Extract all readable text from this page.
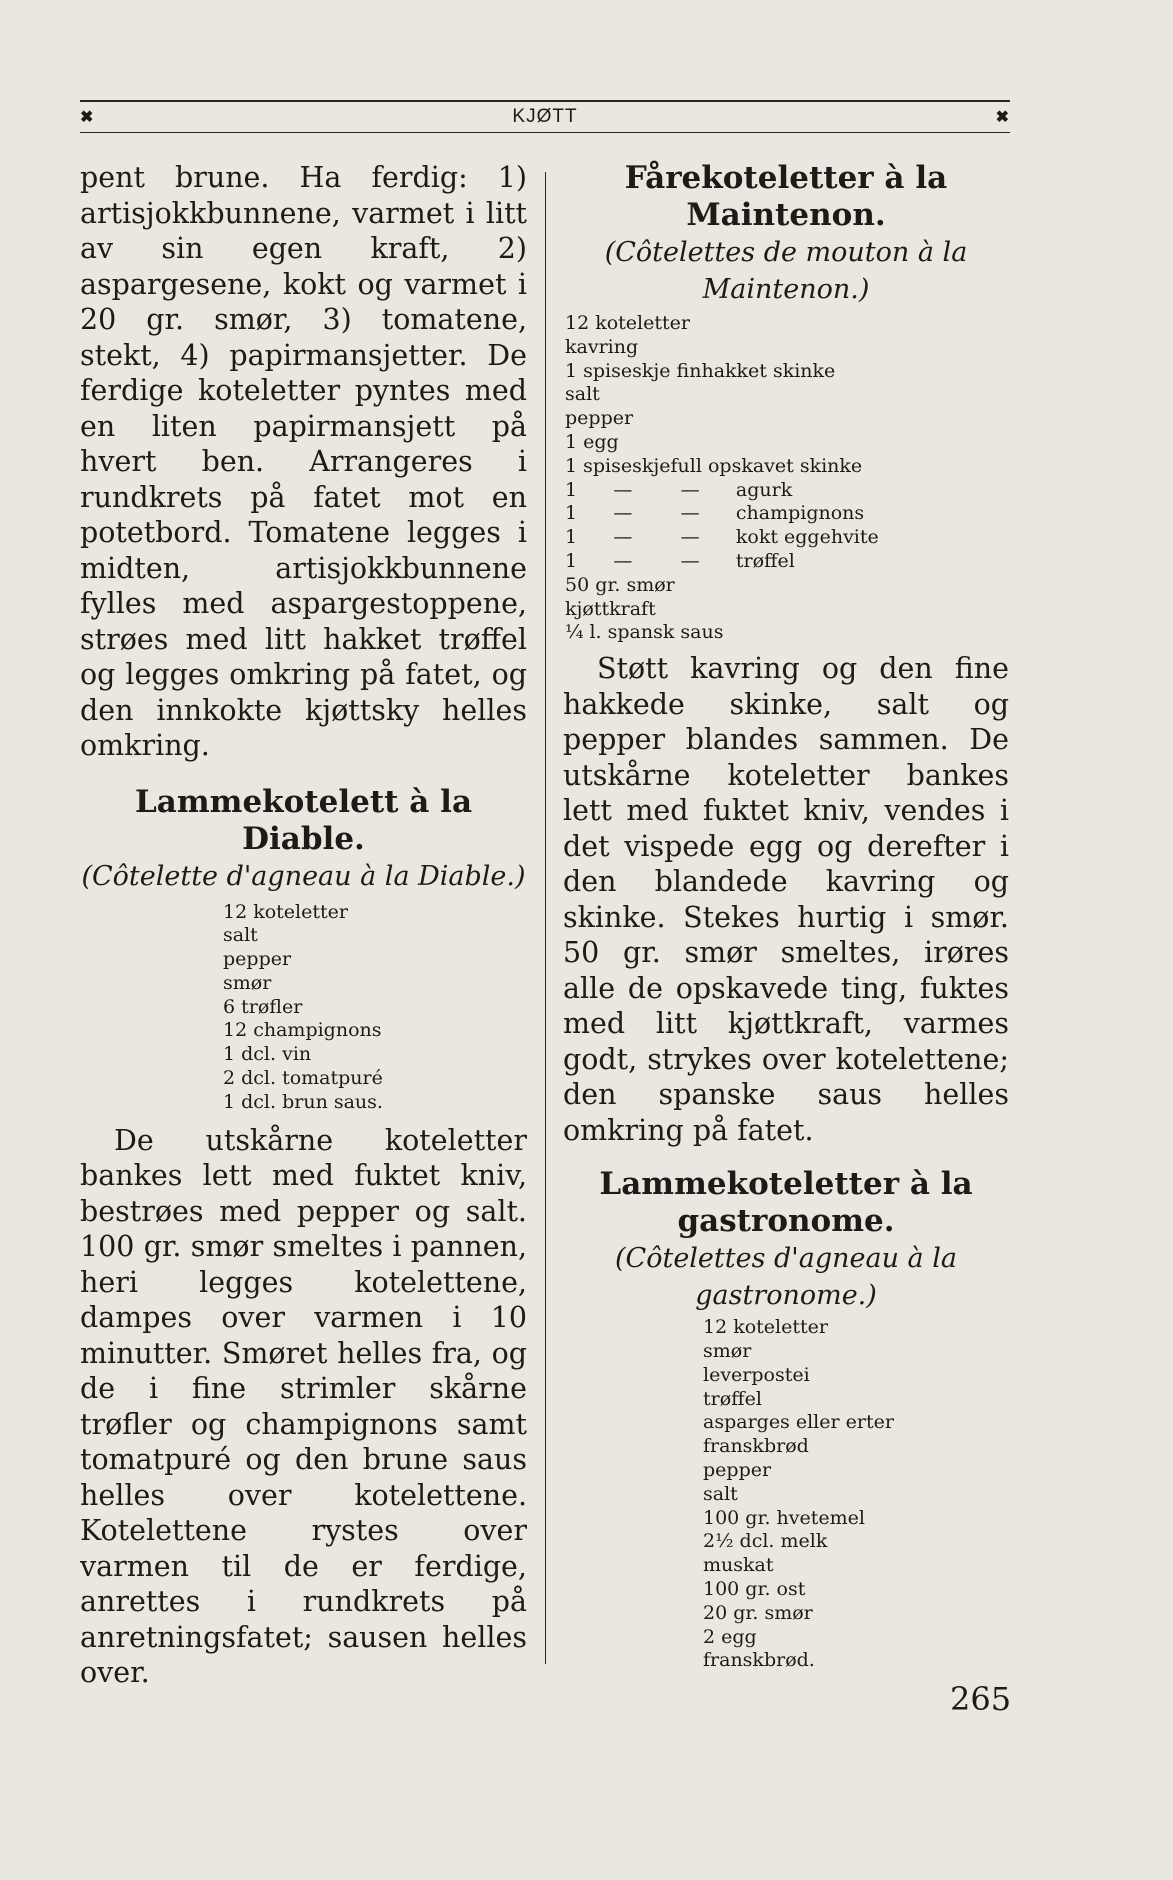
✖	KJØTT	✖

pent brune. Ha ferdig: 1) artisjokkbunnene, varmet i litt av sin egen kraft, 2) aspargesene, kokt og varmet i 20 gr. smør, 3) tomatene, stekt, 4) papirmansjetter. De ferdige koteletter pyntes med en liten papirmansjett på hvert ben. Arrangeres i rundkrets på fatet mot en potetbord. Tomatene legges i midten, artisjokkbunnene fylles med aspargestoppene, strøes med litt hakket trøffel og legges omkring på fatet, og den innkokte kjøttsky helles omkring.

Lammekotelett à la Diable.
(Côtelette d'agneau à la Diable.)
12 koteletter
salt
pepper
smør
6 trøfler
12 champignons
1 dcl. vin
2 dcl. tomatpuré
1 dcl. brun saus.

De utskårne koteletter bankes lett med fuktet kniv, bestrøes med pepper og salt. 100 gr. smør smeltes i pannen, heri legges kotelettene, dampes over varmen i 10 minutter. Smøret helles fra, og de i fine strimler skårne trøfler og champignons samt tomatpuré og den brune saus helles over kotelettene. Kotelettene rystes over varmen til de er ferdige, anrettes i rundkrets på anretningsfatet; sausen helles over.

Fårekoteletter à la
Maintenon.
(Côtelettes de mouton à la
Maintenon.)
12 koteletter
kavring
1 spiseskje finhakket skinke
salt
pepper
1 egg
1 spiseskjefull opskavet skinke
1      —        —      agurk
1      —        —      champignons
1      —        —      kokt eggehvite
1      —        —      trøffel
50 gr. smør
kjøttkraft
¼ l. spansk saus

Støtt kavring og den fine hakkede skinke, salt og pepper blandes sammen. De utskårne koteletter bankes lett med fuktet kniv, vendes i det vispede egg og derefter i den blandede kavring og skinke. Stekes hurtig i smør. 50 gr. smør smeltes, irøres alle de opskavede ting, fuktes med litt kjøttkraft, varmes godt, strykes over kotelettene; den spanske saus helles omkring på fatet.

Lammekoteletter à la
gastronome.
(Côtelettes d'agneau à la
gastronome.)
12 koteletter
smør
leverpostei
trøffel
asparges eller erter
franskbrød
pepper
salt
100 gr. hvetemel
2½ dcl. melk
muskat
100 gr. ost
20 gr. smør
2 egg
franskbrød.
265
